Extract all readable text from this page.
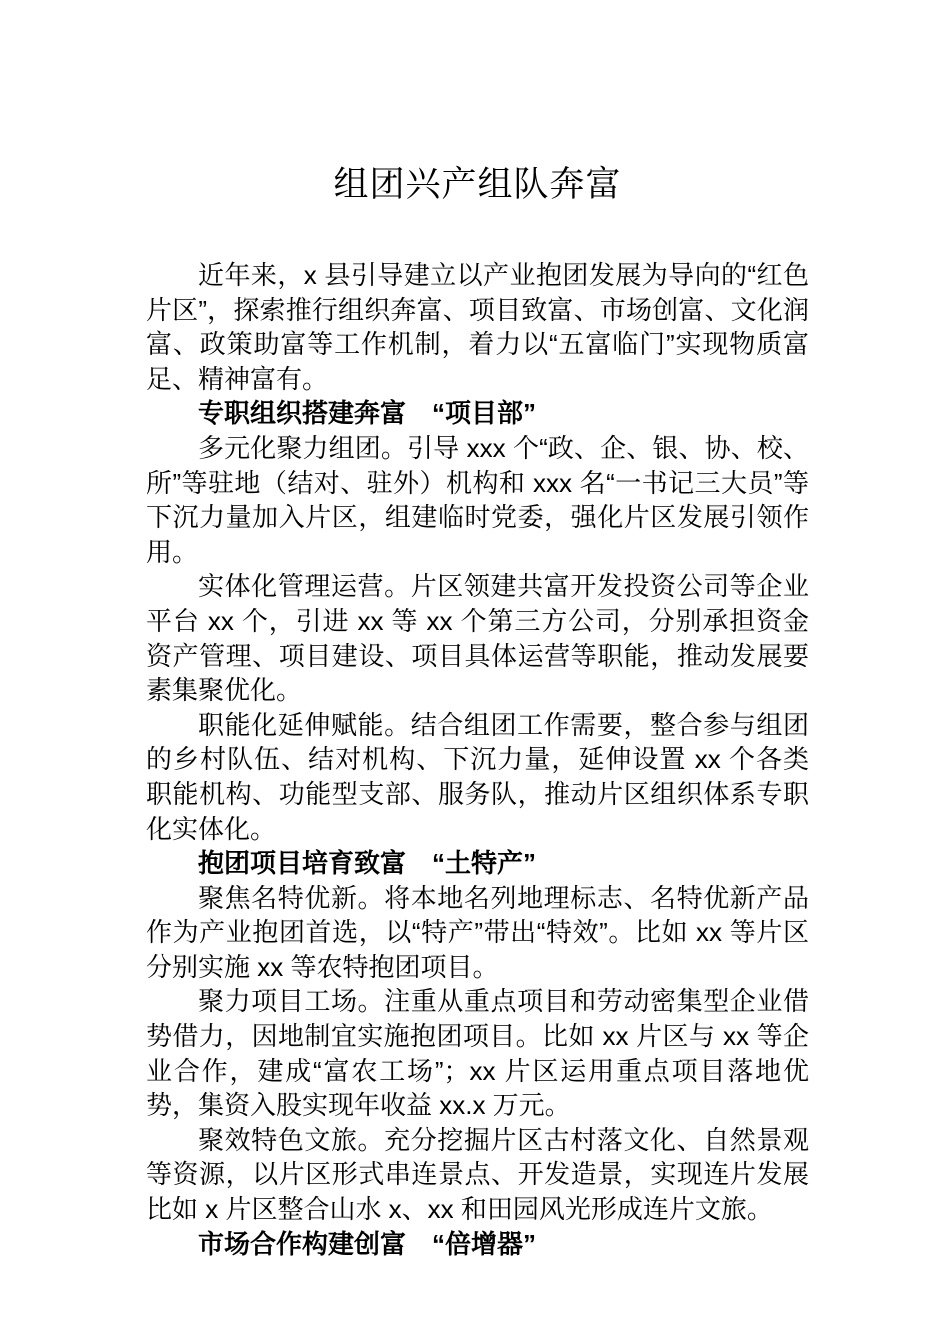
组团兴产组队奔富

近年来，x 县引导建立以产业抱团发展为导向的“红色片区”，探索推行组织奔富、项目致富、市场创富、文化润富、政策助富等工作机制，着力以“五富临门”实现物质富足、精神富有。

专职组织搭建奔富　“项目部”

多元化聚力组团。引导 xxx 个“政、企、银、协、校、所”等驻地（结对、驻外）机构和 xxx 名“一书记三大员”等下沉力量加入片区，组建临时党委，强化片区发展引领作用。

实体化管理运营。片区领建共富开发投资公司等企业平台 xx 个，引进 xx 等 xx 个第三方公司，分别承担资金资产管理、项目建设、项目具体运营等职能，推动发展要素集聚优化。

职能化延伸赋能。结合组团工作需要，整合参与组团的乡村队伍、结对机构、下沉力量，延伸设置 xx 个各类职能机构、功能型支部、服务队，推动片区组织体系专职化实体化。

抱团项目培育致富　“土特产”

聚焦名特优新。将本地名列地理标志、名特优新产品作为产业抱团首选，以“特产”带出“特效”。比如 xx 等片区分别实施 xx 等农特抱团项目。

聚力项目工场。注重从重点项目和劳动密集型企业借势借力，因地制宜实施抱团项目。比如 xx 片区与 xx 等企业合作，建成“富农工场”；xx 片区运用重点项目落地优势，集资入股实现年收益 xx.x 万元。

聚效特色文旅。充分挖掘片区古村落文化、自然景观等资源，以片区形式串连景点、开发造景，实现连片发展比如 x 片区整合山水 x、xx 和田园风光形成连片文旅。

市场合作构建创富　“倍增器”
